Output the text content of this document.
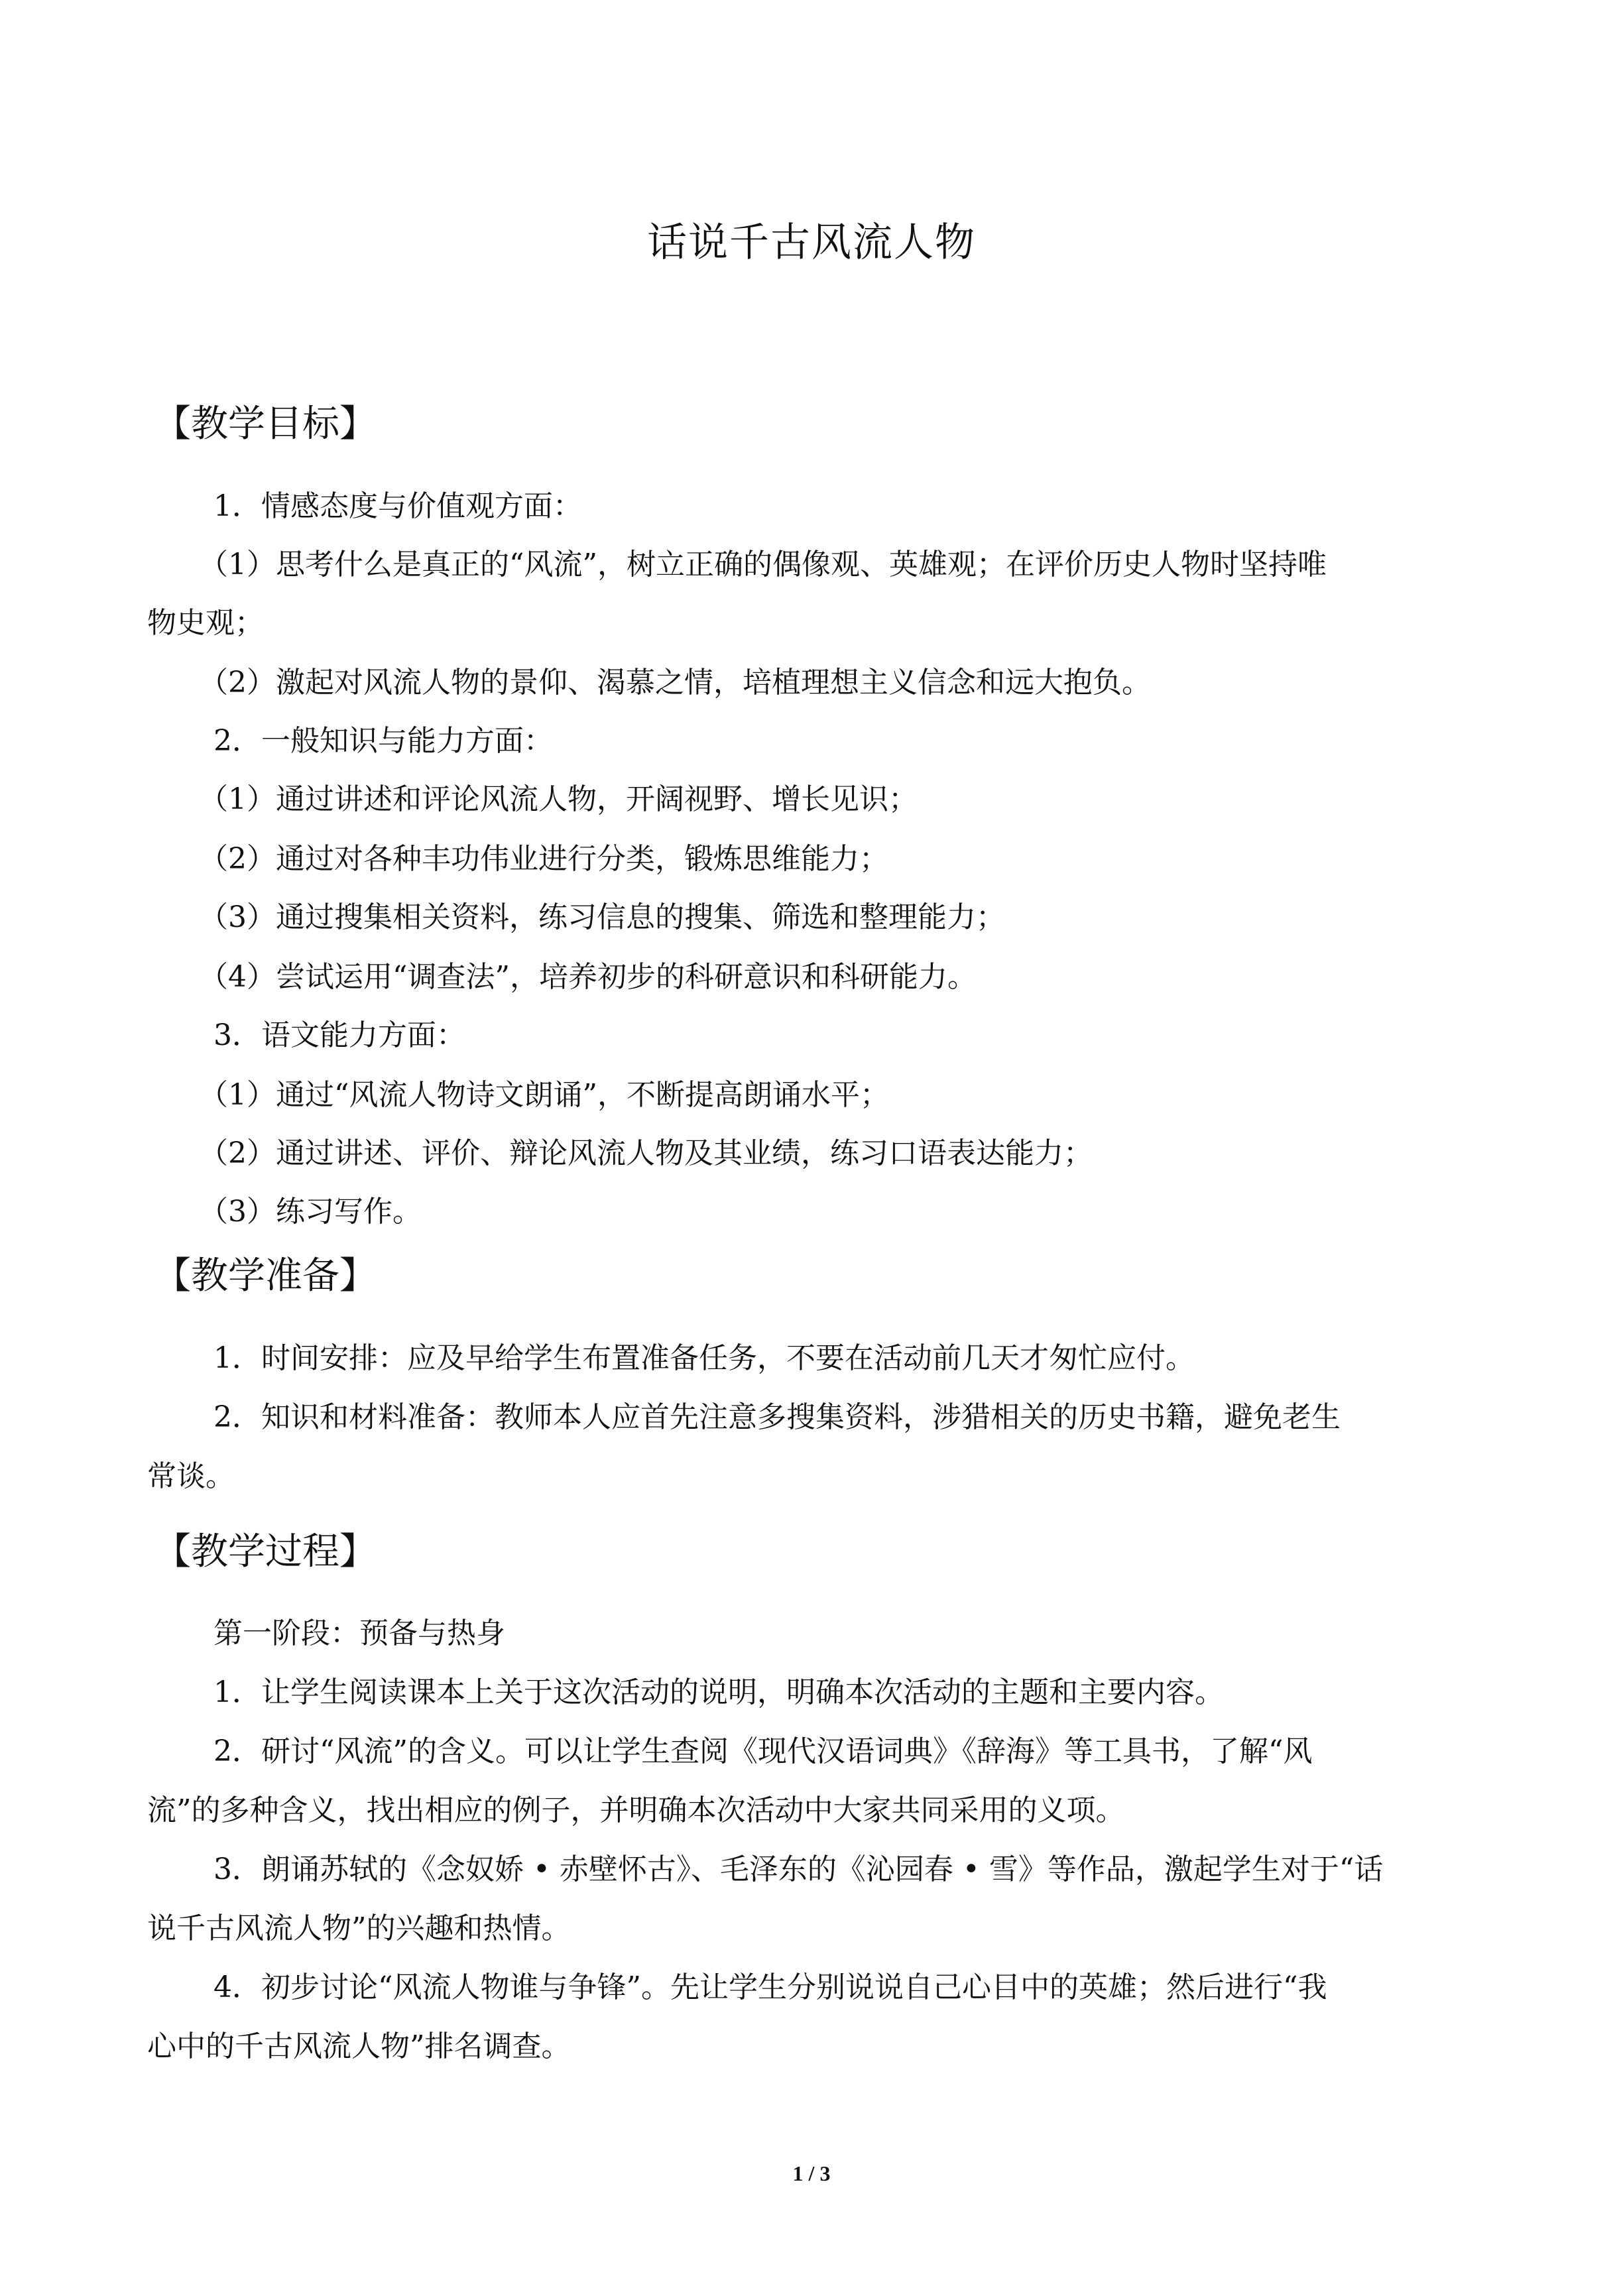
话说千古风流人物
【教学目标】
1．情感态度与价值观方面：
（1）思考什么是真正的“风流”，树立正确的偶像观、英雄观；在评价历史人物时坚持唯
物史观；
（2）激起对风流人物的景仰、渴慕之情，培植理想主义信念和远大抱负。
2．一般知识与能力方面：
（1）通过讲述和评论风流人物，开阔视野、增长见识；
（2）通过对各种丰功伟业进行分类，锻炼思维能力；
（3）通过搜集相关资料，练习信息的搜集、筛选和整理能力；
（4）尝试运用“调查法”，培养初步的科研意识和科研能力。
3．语文能力方面：
（1）通过“风流人物诗文朗诵”，不断提高朗诵水平；
（2）通过讲述、评价、辩论风流人物及其业绩，练习口语表达能力；
（3）练习写作。
【教学准备】
1．时间安排：应及早给学生布置准备任务，不要在活动前几天才匆忙应付。
2．知识和材料准备：教师本人应首先注意多搜集资料，涉猎相关的历史书籍，避免老生
常谈。
【教学过程】
第一阶段：预备与热身
1．让学生阅读课本上关于这次活动的说明，明确本次活动的主题和主要内容。
2．研讨“风流”的含义。可以让学生查阅《现代汉语词典》《辞海》等工具书，了解“风
流”的多种含义，找出相应的例子，并明确本次活动中大家共同采用的义项。
3．朗诵苏轼的《念奴娇 • 赤壁怀古》、毛泽东的《沁园春 • 雪》等作品，激起学生对于“话
说千古风流人物”的兴趣和热情。
4．初步讨论“风流人物谁与争锋”。先让学生分别说说自己心目中的英雄；然后进行“我
心中的千古风流人物”排名调查。
1 / 3
